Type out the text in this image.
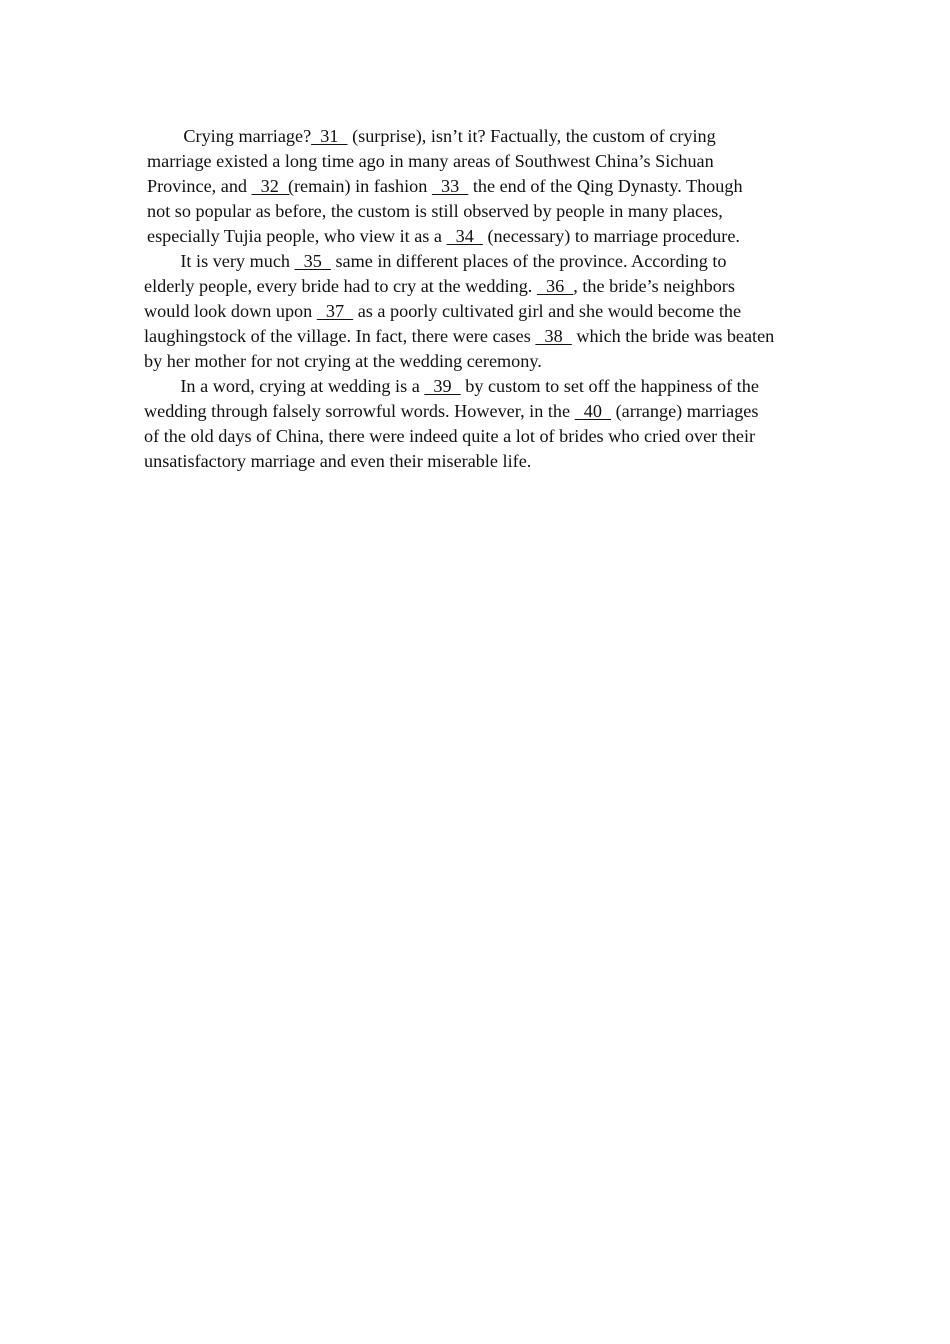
Crying marriage?  31   (surprise), isn’t it? Factually, the custom of crying
marriage existed a long time ago in many areas of Southwest China’s Sichuan
Province, and   32  (remain) in fashion   33   the end of the Qing Dynasty. Though
not so popular as before, the custom is still observed by people in many places,
especially Tujia people, who view it as a   34   (necessary) to marriage procedure.
It is very much   35   same in different places of the province. According to
elderly people, every bride had to cry at the wedding.   36  , the bride’s neighbors
would look down upon   37   as a poorly cultivated girl and she would become the
laughingstock of the village. In fact, there were cases   38   which the bride was beaten
by her mother for not crying at the wedding ceremony.
In a word, crying at wedding is a   39   by custom to set off the happiness of the
wedding through falsely sorrowful words. However, in the   40   (arrange) marriages
of the old days of China, there were indeed quite a lot of brides who cried over their
unsatisfactory marriage and even their miserable life.
